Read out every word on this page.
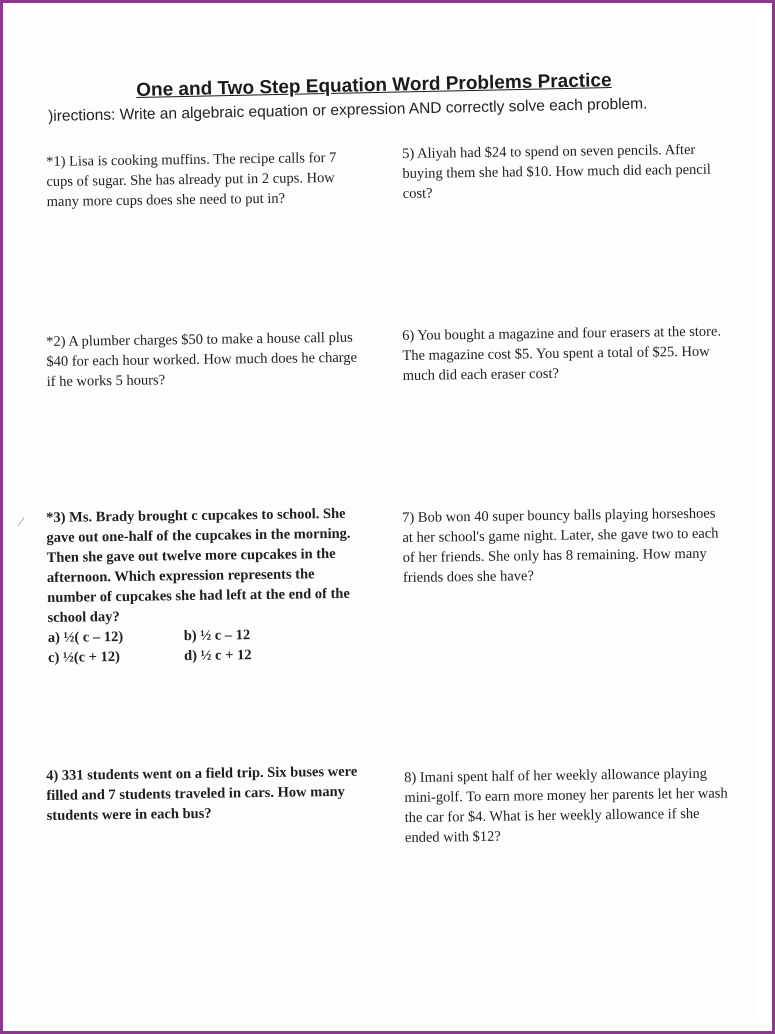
One and Two Step Equation Word Problems Practice
)irections: Write an algebraic equation or expression AND correctly solve each problem.
∕
*1) Lisa is cooking muffins. The recipe calls for 7 cups of sugar. She has already put in 2 cups. How many more cups does she need to put in?
*2) A plumber charges $50 to make a house call plus $40 for each hour worked. How much does he charge if he works 5 hours?
*3) Ms. Brady brought c cupcakes to school. She gave out one-half of the cupcakes in the morning. Then she gave out twelve more cupcakes in the afternoon. Which expression represents the number of cupcakes she had left at the end of the school day?
a) ½( c – 12)	b) ½ c – 12
c) ½(c + 12)	d) ½ c + 12
4) 331 students went on a field trip. Six buses were filled and 7 students traveled in cars. How many students were in each bus?
5) Aliyah had $24 to spend on seven pencils. After buying them she had $10. How much did each pencil cost?
6) You bought a magazine and four erasers at the store. The magazine cost $5. You spent a total of $25. How much did each eraser cost?
7) Bob won 40 super bouncy balls playing horseshoes at her school's game night. Later, she gave two to each of her friends. She only has 8 remaining. How many friends does she have?
8) Imani spent half of her weekly allowance playing mini-golf. To earn more money her parents let her wash the car for $4. What is her weekly allowance if she ended with $12?
